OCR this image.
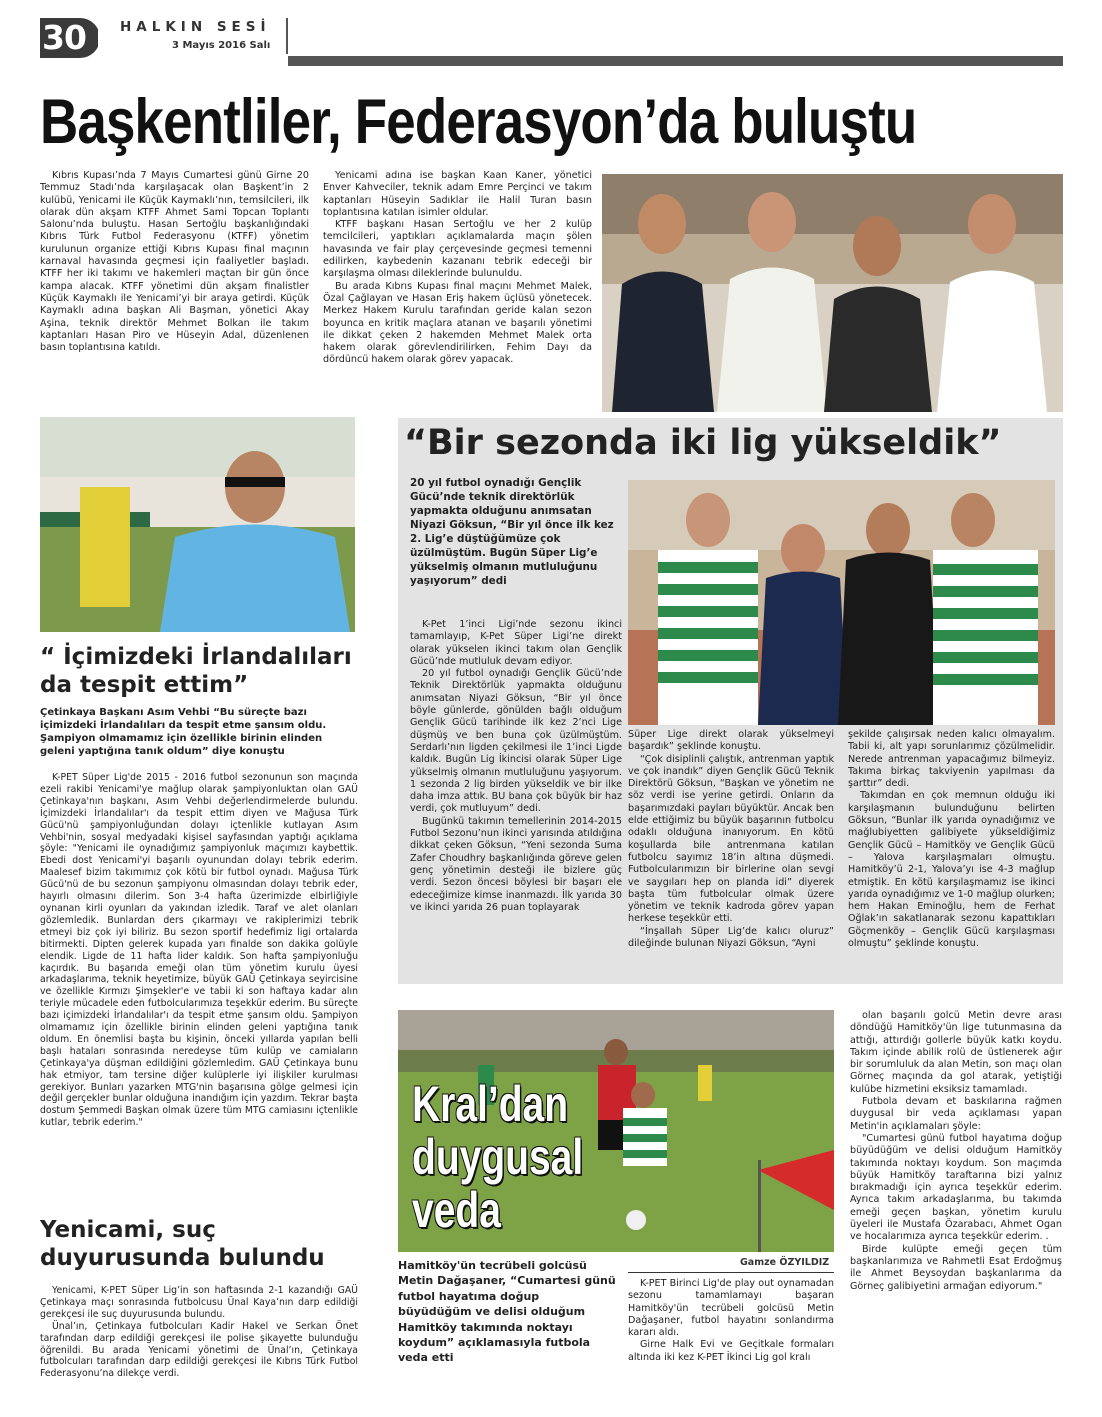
30	HALKIN SESİ
3 Mayıs 2016 Salı
Başkentliler, Federasyon’da buluştu

Kıbrıs Kupası’nda 7 Mayıs Cumartesi günü Girne 20 Temmuz Stadı’nda karşılaşacak olan Başkent’in 2 kulübü, Yenicami ile Küçük Kaymaklı’nın, temsilcileri, ilk olarak dün akşam KTFF Ahmet Sami Topcan Toplantı Salonu’nda buluştu. Hasan Sertoğlu başkanlığındaki Kıbrıs Türk Futbol Federasyonu (KTFF) yönetim kurulunun organize ettiği Kıbrıs Kupası final maçının karnaval havasında geçmesi için faaliyetler başladı. KTFF her iki takımı ve hakemleri maçtan bir gün önce kampa alacak. KTFF yönetimi dün akşam finalistler Küçük Kaymaklı ile Yenicami’yi bir araya getirdi. Küçük Kaymaklı adına başkan Ali Başman, yönetici Akay Aşina, teknik direktör Mehmet Bolkan ile takım kaptanları Hasan Piro ve Hüseyin Adal, düzenlenen basın toplantısına katıldı.

Yenicami adına ise başkan Kaan Kaner, yönetici Enver Kahveciler, teknik adam Emre Perçinci ve takım kaptanları Hüseyin Sadıklar ile Halil Turan basın toplantısına katılan isimler oldular.

KTFF başkanı Hasan Sertoğlu ve her 2 kulüp temcilcileri, yaptıkları açıklamalarda maçın şölen havasında ve fair play çerçevesinde geçmesi temenni edilirken, kaybedenin kazananı tebrik edeceği bir karşılaşma olması dileklerinde bulunuldu.

Bu arada Kıbrıs Kupası final maçını Mehmet Malek, Özal Çağlayan ve Hasan Eriş hakem üçlüsü yönetecek. Merkez Hakem Kurulu tarafından geride kalan sezon boyunca en kritik maçlara atanan ve başarılı yönetimi ile dikkat çeken 2 hakemden Mehmet Malek orta hakem olarak görevlendirilirken, Fehim Dayı da dördüncü hakem olarak görev yapacak.

“ İçimizdeki İrlandalıları
da tespit ettim”
Çetinkaya Başkanı Asım Vehbi “Bu süreçte bazı içimizdeki İrlandalıları da tespit etme şansım oldu. Şampiyon olmamamız için özellikle birinin elinden geleni yaptığına tanık oldum” diye konuştu
K-PET Süper Lig'de 2015 - 2016 futbol sezonunun son maçında ezeli rakibi Yenicami'ye mağlup olarak şampiyonluktan olan GAÜ Çetinkaya'nın başkanı, Asım Vehbi değerlendirmelerde bulundu. İçimizdeki İrlandalılar'ı da tespit ettim diyen ve Mağusa Türk Gücü'nü şampiyonluğundan dolayı içtenlikle kutlayan Asım Vehbi'nin, sosyal medyadaki kişisel sayfasından yaptığı açıklama şöyle: "Yenicami ile oynadığımız şampiyonluk maçımızı kaybettik. Ebedi dost Yenicami'yi başarılı oyunundan dolayı tebrik ederim. Maalesef bizim takımımız çok kötü bir futbol oynadı. Mağusa Türk Gücü'nü de bu sezonun şampiyonu olmasından dolayı tebrik eder, hayırlı olmasını dilerim. Son 3-4 hafta üzerimizde elbirliğiyle oynanan kirli oyunları da yakından izledik. Taraf ve alet olanları gözlemledik. Bunlardan ders çıkarmayı ve rakiplerimizi tebrik etmeyi biz çok iyi biliriz. Bu sezon sportif hedefimiz ligi ortalarda bitirmekti. Dipten gelerek kupada yarı finalde son dakika golüyle elendik. Ligde de 11 hafta lider kaldık. Son hafta şampiyonluğu kaçırdık. Bu başarıda emeği olan tüm yönetim kurulu üyesi arkadaşlarıma, teknik heyetimize, büyük GAÜ Çetinkaya seyircisine ve özellikle Kırmızı Şimşekler'e ve tabii ki son haftaya kadar alın teriyle mücadele eden futbolcularımıza teşekkür ederim. Bu süreçte bazı içimizdeki İrlandalılar'ı da tespit etme şansım oldu. Şampiyon olmamamız için özellikle birinin elinden geleni yaptığına tanık oldum. En önemlisi başta bu kişinin, önceki yıllarda yapılan belli başlı hataları sonrasında neredeyse tüm kulüp ve camiaların Çetinkaya'ya düşman edildiğini gözlemledim. GAÜ Çetinkaya bunu hak etmiyor, tam tersine diğer kulüplerle iyi ilişkiler kurulması gerekiyor. Bunları yazarken MTG'nin başarısına gölge gelmesi için değil gerçekler bunlar olduğuna inandığım için yazdım. Tekrar başta dostum Şemmedi Başkan olmak üzere tüm MTG camiasını içtenlikle kutlar, tebrik ederim."
“Bir sezonda iki lig yükseldik”
20 yıl futbol oynadığı Gençlik Gücü’nde teknik direktörlük yapmakta olduğunu anımsatan Niyazi Göksun, “Bir yıl önce ilk kez 2. Lig’e düştüğümüze çok üzülmüştüm. Bugün Süper Lig’e yükselmiş olmanın mutluluğunu yaşıyorum” dedi

K-Pet 1’inci Ligi’nde sezonu ikinci tamamlayıp, K-Pet Süper Ligi’ne direkt olarak yükselen ikinci takım olan Gençlik Gücü’nde mutluluk devam ediyor.

20 yıl futbol oynadığı Gençlik Gücü’nde Teknik Direktörlük yapmakta olduğunu anımsatan Niyazi Göksun, “Bir yıl önce böyle günlerde, gönülden bağlı olduğum Gençlik Gücü tarihinde ilk kez 2’nci Lige düşmüş ve ben buna çok üzülmüştüm. Serdarlı’nın ligden çekilmesi ile 1’inci Ligde kaldık. Bugün Lig İkincisi olarak Süper Lige yükselmiş olmanın mutluluğunu yaşıyorum. 1 sezonda 2 lig birden yükseldik ve bir ilke daha imza attık. BU bana çok büyük bir haz verdi, çok mutluyum” dedi.

Bugünkü takımın temellerinin 2014-2015 Futbol Sezonu’nun ikinci yarısında atıldığına dikkat çeken Göksun, “Yeni sezonda Suma Zafer Choudhry başkanlığında göreve gelen genç yönetimin desteği ile bizlere güç verdi. Sezon öncesi böylesi bir başarı ele edeceğimize kimse inanmazdı. İlk yarıda 30 ve ikinci yarıda 26 puan toplayarak

Süper Lige direkt olarak yükselmeyi başardık” şeklinde konuştu.

“Çok disiplinli çalıştık, antrenman yaptık ve çok inandık” diyen Gençlik Gücü Teknik Direktörü Göksun, “Başkan ve yönetim ne söz verdi ise yerine getirdi. Onların da başarımızdaki payları büyüktür. Ancak ben elde ettiğimiz bu büyük başarının futbolcu odaklı olduğuna inanıyorum. En kötü koşullarda bile antrenmana katılan futbolcu sayımız 18’in altına düşmedi. Futbolcularımızın bir birlerine olan sevgi ve saygıları hep on planda idi” diyerek başta tüm futbolcular olmak üzere yönetim ve teknik kadroda görev yapan herkese teşekkür etti.

“İnşallah Süper Lig’de kalıcı oluruz” dileğinde bulunan Niyazi Göksun, “Ayni

şekilde çalışırsak neden kalıcı olmayalım. Tabii ki, alt yapı sorunlarımız çözülmelidir. Nerede antrenman yapacağımız bilmeyiz. Takıma birkaç takviyenin yapılması da şarttır” dedi.

Takımdan en çok memnun olduğu iki karşılaşmanın bulunduğunu belirten Göksun, “Bunlar ilk yarıda oynadığımız ve mağlubiyetten galibiyete yükseldiğimiz Gençlik Gücü – Hamitköy ve Gençlik Gücü – Yalova karşılaşmaları olmuştu. Hamitköy’ü 2-1, Yalova’yı ise 4-3 mağlup etmiştik. En kötü karşılaşmamız ise ikinci yarıda oynadığımız ve 1-0 mağlup olurken; hem Hakan Eminoğlu, hem de Ferhat Oğlak’ın sakatlanarak sezonu kapattıkları Göçmenköy – Gençlik Gücü karşılaşması olmuştu” şeklinde konuştu.

Yenicami, suç
duyurusunda bulundu

Yenicami, K-PET Süper Lig’in son haftasında 2-1 kazandığı GAÜ Çetinkaya maçı sonrasında futbolcusu Ünal Kaya’nın darp edildiği gerekçesi ile suç duyurusunda bulundu.

Ünal’ın, Çetinkaya futbolcuları Kadir Hakel ve Serkan Önet tarafından darp edildiği gerekçesi ile polise şikayette bulunduğu öğrenildi. Bu arada Yenicami yönetimi de Ünal’ın, Çetinkaya futbolcuları tarafından darp edildiği gerekçesi ile Kıbrıs Türk Futbol Federasyonu’na dilekçe verdi.

Kral’dan
duygusal
veda
Gamze ÖZYILDIZ
Hamitköy'ün tecrübeli golcüsü Metin Dağaşaner, “Cumartesi günü futbol hayatıma doğup büyüdüğüm ve delisi olduğum Hamitköy takımında noktayı koydum” açıklamasıyla futbola veda etti

K-PET Birinci Lig'de play out oynamadan sezonu tamamlamayı başaran Hamitköy'ün tecrübeli golcüsü Metin Dağaşaner, futbol hayatını sonlandırma kararı aldı.

Girne Halk Evi ve Geçitkale formaları altında iki kez K-PET İkinci Lig gol kralı

olan başarılı golcü Metin devre arası döndüğü Hamitköy'ün lige tutunmasına da attığı, attırdığı gollerle büyük katkı koydu. Takım içinde abilik rolü de üstlenerek ağır bir sorumluluk da alan Metin, son maçı olan Görneç maçında da gol atarak, yetiştiği kulübe hizmetini eksiksiz tamamladı.

Futbola devam et baskılarına rağmen duygusal bir veda açıklaması yapan Metin'in açıklamaları şöyle:

"Cumartesi günü futbol hayatıma doğup büyüdüğüm ve delisi olduğum Hamitköy takımında noktayı koydum. Son maçımda büyük Hamitköy taraftarına bizi yalnız bırakmadığı için ayrıca teşekkür ederim. Ayrıca takım arkadaşlarıma, bu takımda emeği geçen başkan, yönetim kurulu üyeleri ile Mustafa Özarabacı, Ahmet Ogan ve hocalarımıza ayrıca teşekkür ederim. .

Birde kulüpte emeği geçen tüm başkanlarımıza ve Rahmetli Esat Erdoğmuş ile Ahmet Beysoydan başkanlarıma da Görneç galibiyetini armağan ediyorum."
